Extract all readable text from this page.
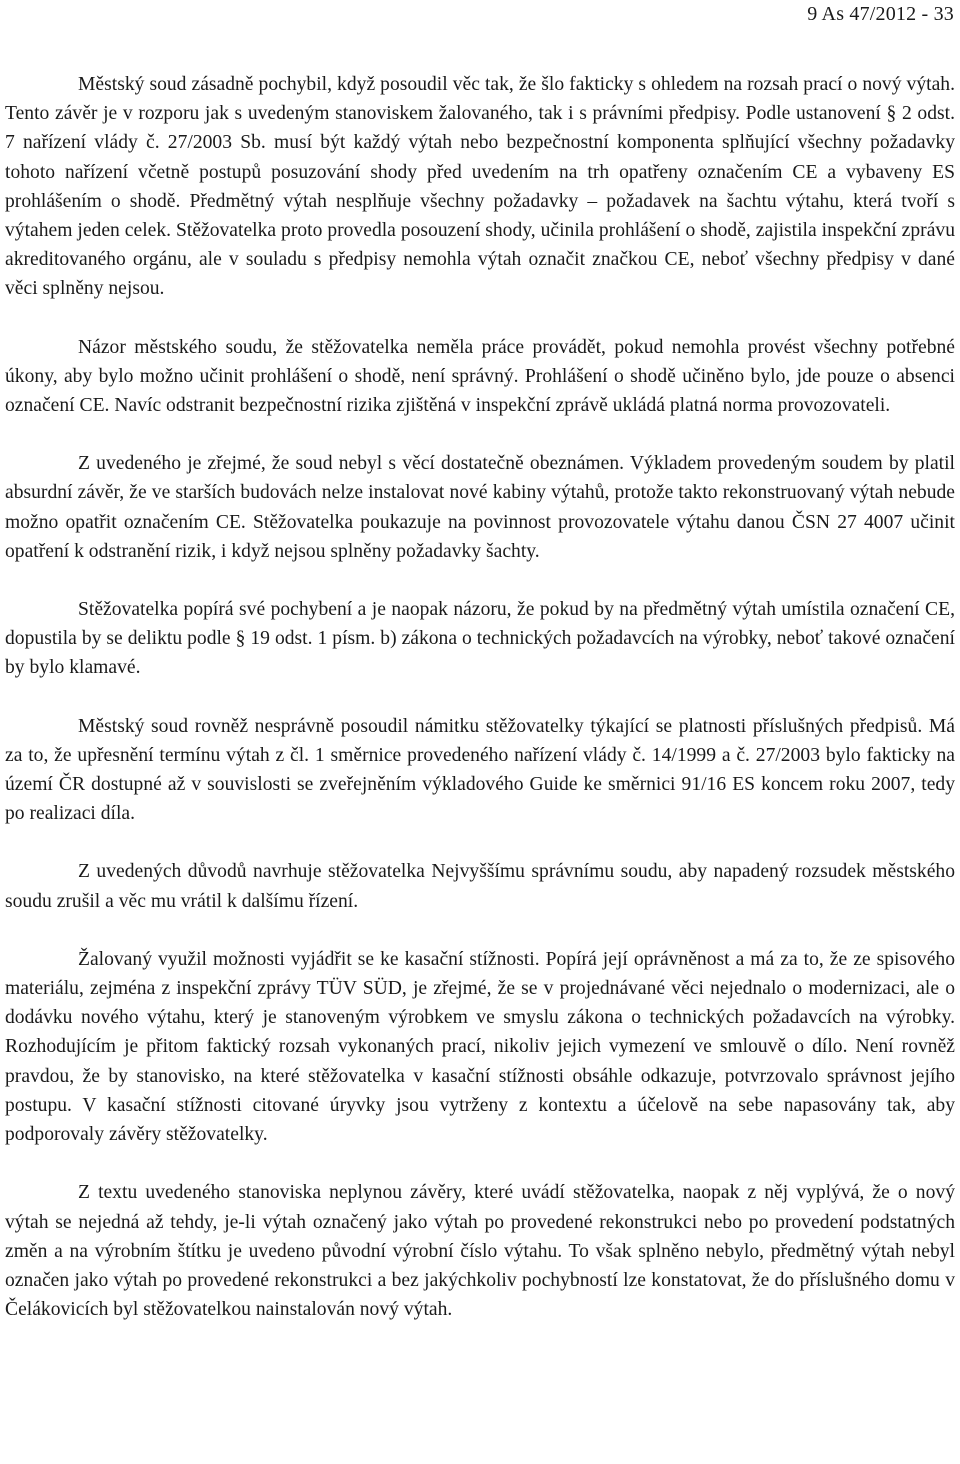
9 As 47/2012 - 33

Městský soud zásadně pochybil, když posoudil věc tak, že šlo fakticky s ohledem na rozsah prací o nový výtah. Tento závěr je v rozporu jak s uvedeným stanoviskem žalovaného, tak i s právními předpisy. Podle ustanovení § 2 odst. 7 nařízení vlády č. 27/2003 Sb. musí být každý výtah nebo bezpečnostní komponenta splňující všechny požadavky tohoto nařízení včetně postupů posuzování shody před uvedením na trh opatřeny označením CE a vybaveny ES prohlášením o shodě. Předmětný výtah nesplňuje všechny požadavky – požadavek na šachtu výtahu, která tvoří s výtahem jeden celek. Stěžovatelka proto provedla posouzení shody, učinila prohlášení o shodě, zajistila inspekční zprávu akreditovaného orgánu, ale v souladu s předpisy nemohla výtah označit značkou CE, neboť všechny předpisy v dané věci splněny nejsou.

Názor městského soudu, že stěžovatelka neměla práce provádět, pokud nemohla provést všechny potřebné úkony, aby bylo možno učinit prohlášení o shodě, není správný. Prohlášení o shodě učiněno bylo, jde pouze o absenci označení CE. Navíc odstranit bezpečnostní rizika zjištěná v inspekční zprávě ukládá platná norma provozovateli.

Z uvedeného je zřejmé, že soud nebyl s věcí dostatečně obeznámen. Výkladem provedeným soudem by platil absurdní závěr, že ve starších budovách nelze instalovat nové kabiny výtahů, protože takto rekonstruovaný výtah nebude možno opatřit označením CE. Stěžovatelka poukazuje na povinnost provozovatele výtahu danou ČSN 27 4007 učinit opatření k odstranění rizik, i když nejsou splněny požadavky šachty.

Stěžovatelka popírá své pochybení a je naopak názoru, že pokud by na předmětný výtah umístila označení CE, dopustila by se deliktu podle § 19 odst. 1 písm. b) zákona o technických požadavcích na výrobky, neboť takové označení by bylo klamavé.

Městský soud rovněž nesprávně posoudil námitku stěžovatelky týkající se platnosti příslušných předpisů. Má za to, že upřesnění termínu výtah z čl. 1 směrnice provedeného nařízení vlády č. 14/1999 a č. 27/2003 bylo fakticky na území ČR dostupné až v souvislosti se zveřejněním výkladového Guide ke směrnici 91/16 ES koncem roku 2007, tedy po realizaci díla.

Z uvedených důvodů navrhuje stěžovatelka Nejvyššímu správnímu soudu, aby napadený rozsudek městského soudu zrušil a věc mu vrátil k dalšímu řízení.

Žalovaný využil možnosti vyjádřit se ke kasační stížnosti. Popírá její oprávněnost a má za to, že ze spisového materiálu, zejména z inspekční zprávy TÜV SÜD, je zřejmé, že se v projednávané věci nejednalo o modernizaci, ale o dodávku nového výtahu, který je stanoveným výrobkem ve smyslu zákona o technických požadavcích na výrobky. Rozhodujícím je přitom faktický rozsah vykonaných prací, nikoliv jejich vymezení ve smlouvě o dílo. Není rovněž pravdou, že by stanovisko, na které stěžovatelka v kasační stížnosti obsáhle odkazuje, potvrzovalo správnost jejího postupu. V kasační stížnosti citované úryvky jsou vytrženy z kontextu a účelově na sebe napasovány tak, aby podporovaly závěry stěžovatelky.

Z textu uvedeného stanoviska neplynou závěry, které uvádí stěžovatelka, naopak z něj vyplývá, že o nový výtah se nejedná až tehdy, je-li výtah označený jako výtah po provedené rekonstrukci nebo po provedení podstatných změn a na výrobním štítku je uvedeno původní výrobní číslo výtahu. To však splněno nebylo, předmětný výtah nebyl označen jako výtah po provedené rekonstrukci a bez jakýchkoliv pochybností lze konstatovat, že do příslušného domu v Čelákovicích byl stěžovatelkou nainstalován nový výtah.
